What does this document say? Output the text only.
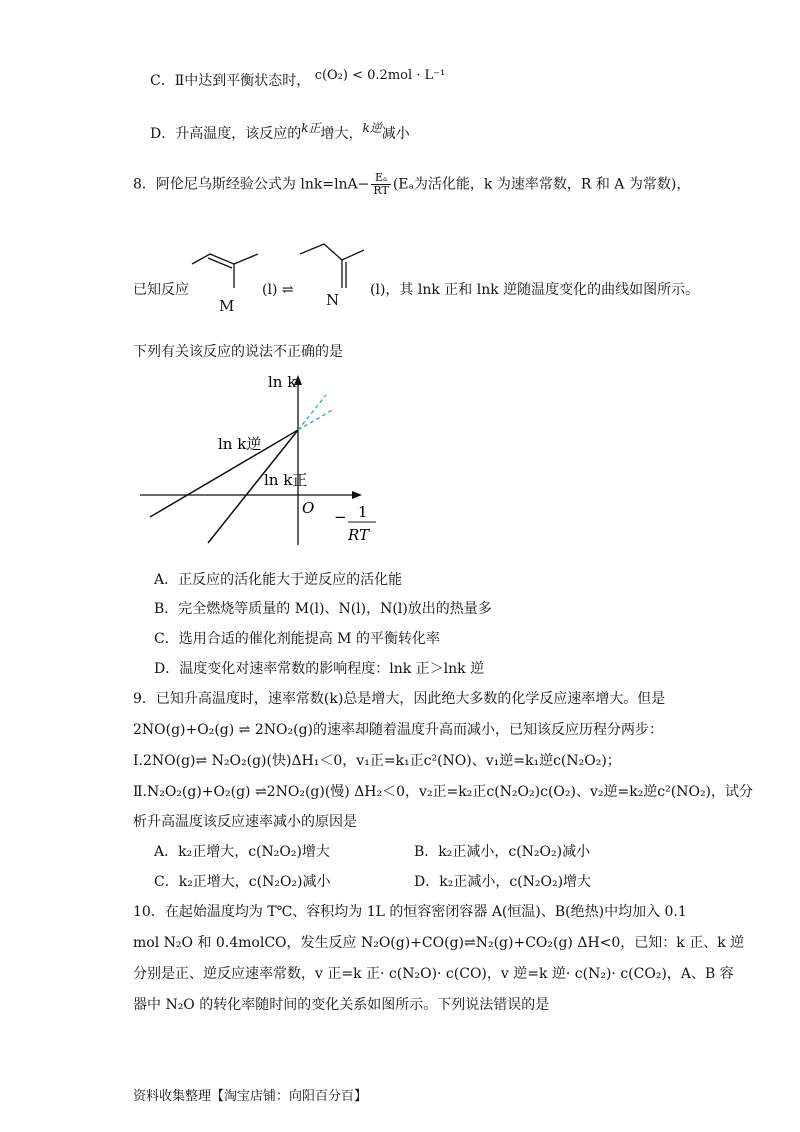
C．Ⅱ中达到平衡状态时， c(O₂) < 0.2mol · L⁻¹
D．升高温度，该反应的k正增大，k逆减小
8．阿伦尼乌斯经验公式为 $\ln k=\ln A- \frac{\text{Eₐ}}{RT} (E_a$为活化能，k 为速率常数，R 和 A 为常数)，
已知反应
M
(l) ⇌
N
(l)，其 lnk 正和 lnk 逆随温度变化的曲线如图所示。
下列有关该反应的说法不正确的是
ln k
ln k逆
ln k正
O − 1
RT
A．正反应的活化能大于逆反应的活化能
B．完全燃烧等质量的 M(l)、N(l)，N(l)放出的热量多
C．选用合适的催化剂能提高 M 的平衡转化率
D．温度变化对速率常数的影响程度：lnk 正＞lnk 逆
9．已知升高温度时，速率常数(k)总是增大，因此绝大多数的化学反应速率增大。但是
2NO(g)+O₂(g) ⇌ 2NO₂(g)的速率却随着温度升高而减小，已知该反应历程分两步：
Ⅰ.2NO(g)⇌ N₂O₂(g)(快)ΔH₁＜0，v₁正=k₁正c²(NO)、v₁逆=k₁逆c(N₂O₂)；
Ⅱ.N₂O₂(g)+O₂(g) ⇌2NO₂(g)(慢) ΔH₂＜0，v₂正=k₂正c(N₂O₂)c(O₂)、v₂逆=k₂逆c²(NO₂)，试分
析升高温度该反应速率减小的原因是
A．k₂正增大，c(N₂O₂)增大	B．k₂正减小，c(N₂O₂)减小
C．k₂正增大，c(N₂O₂)减小	D．k₂正减小，c(N₂O₂)增大
10．在起始温度均为 T℃、容积均为 1L 的恒容密闭容器 A(恒温)、B(绝热)中均加入 0.1
mol N₂O 和 0.4molCO，发生反应 N₂O(g)+CO(g)⇌N₂(g)+CO₂(g) ΔH<0，已知：k 正、k 逆
分别是正、逆反应速率常数，v 正=k 正· c(N₂O)· c(CO)，v 逆=k 逆· c(N₂)· c(CO₂)，A、B 容
器中 N₂O 的转化率随时间的变化关系如图所示。下列说法错误的是
资料收集整理【淘宝店铺：向阳百分百】
